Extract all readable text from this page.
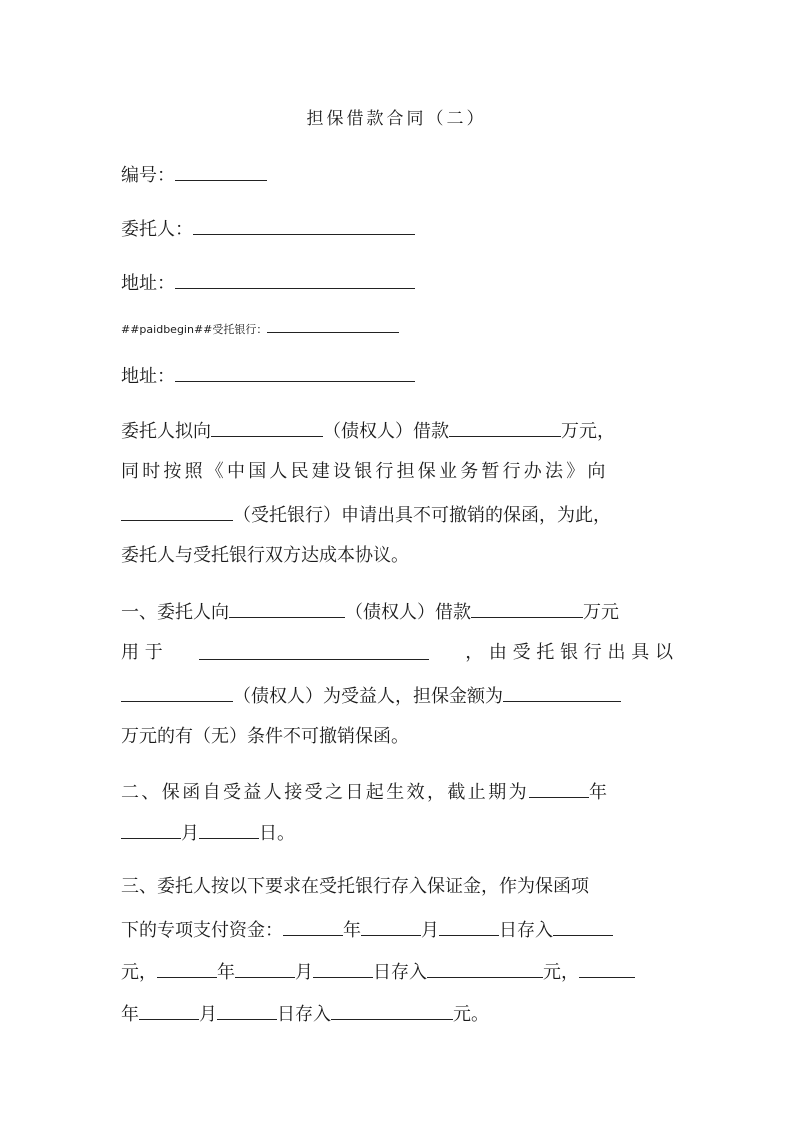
担保借款合同（二）
编号：
委托人：
地址：
##paidbegin##受托银行：
地址：
委托人拟向	（债权人）借款	万元，
同时按照《中国人民建设银行担保业务暂行办法》向
（受托银行）申请出具不可撤销的保函，为此，
委托人与受托银行双方达成本协议。
一、委托人向	（债权人）借款	万元
用 于	， 由 受 托 银 行 出 具 以
（债权人）为受益人，担保金额为
万元的有（无）条件不可撤销保函。
二、保函自受益人接受之日起生效，截止期为	年
月	日。
三、委托人按以下要求在受托银行存入保证金，作为保函项
下的专项支付资金：	年	月	日存入
元，	年	月	日存入	元，
年	月	日存入	元。
